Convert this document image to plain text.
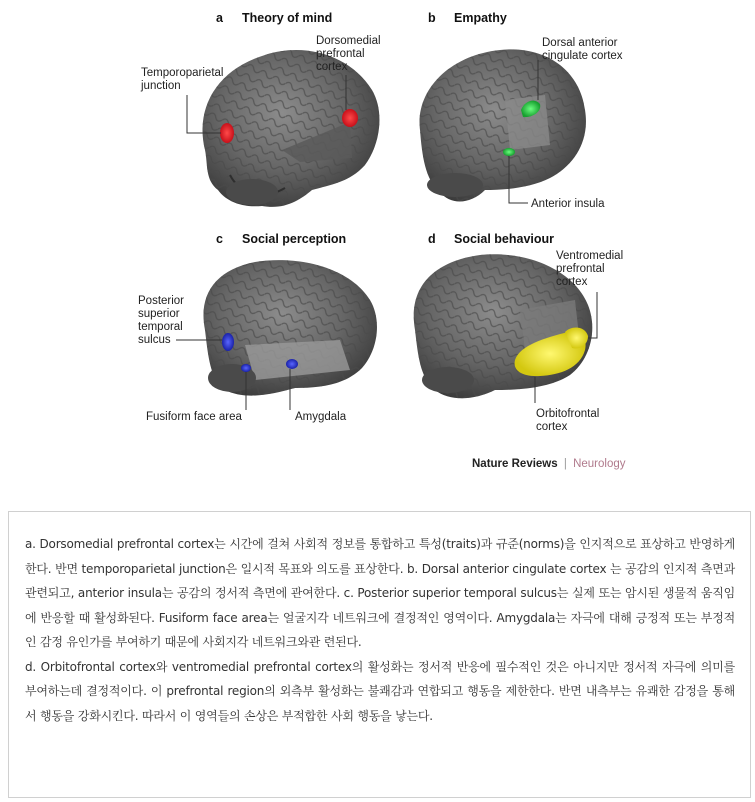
a Theory of mind
Temporoparietal junction
Dorsomedial prefrontal cortex
b Empathy
Dorsal anterior cingulate cortex
Anterior insula
c Social perception
Posterior superior temporal sulcus
Fusiform face area	Amygdala
d Social behaviour
Ventromedial prefrontal cortex
Orbitofrontal cortex
Nature Reviews | Neurology

a. Dorsomedial prefrontal cortex는 시간에 걸쳐 사회적 정보를 통합하고 특성(traits)과 규준(norms)을 인지적으로 표상하고 반영하게 한다. 반면 temporoparietal junction은 일시적 목표와 의도를 표상한다. b. Dorsal anterior cingulate cortex 는 공감의 인지적 측면과 관련되고, anterior insula는 공감의 정서적 측면에 관여한다. c. Posterior superior temporal sulcus는 실제 또는 암시된 생물적 움직임에 반응할 때 활성화된다. Fusiform face area는 얼굴지각 네트워크에 결정적인 영역이다. Amygdala는 자극에 대해 긍정적 또는 부정적인 감정 유인가를 부여하기 때문에 사회지각 네트워크와관 련된다.

d. Orbitofrontal cortex와 ventromedial prefrontal cortex의 활성화는 정서적 반응에 필수적인 것은 아니지만 정서적 자극에 의미를 부여하는데 결정적이다. 이 prefrontal region의 외측부 활성화는 불쾌감과 연합되고 행동을 제한한다. 반면 내측부는 유쾌한 감정을 통해서 행동을 강화시킨다. 따라서 이 영역들의 손상은 부적합한 사회 행동을 낳는다.
